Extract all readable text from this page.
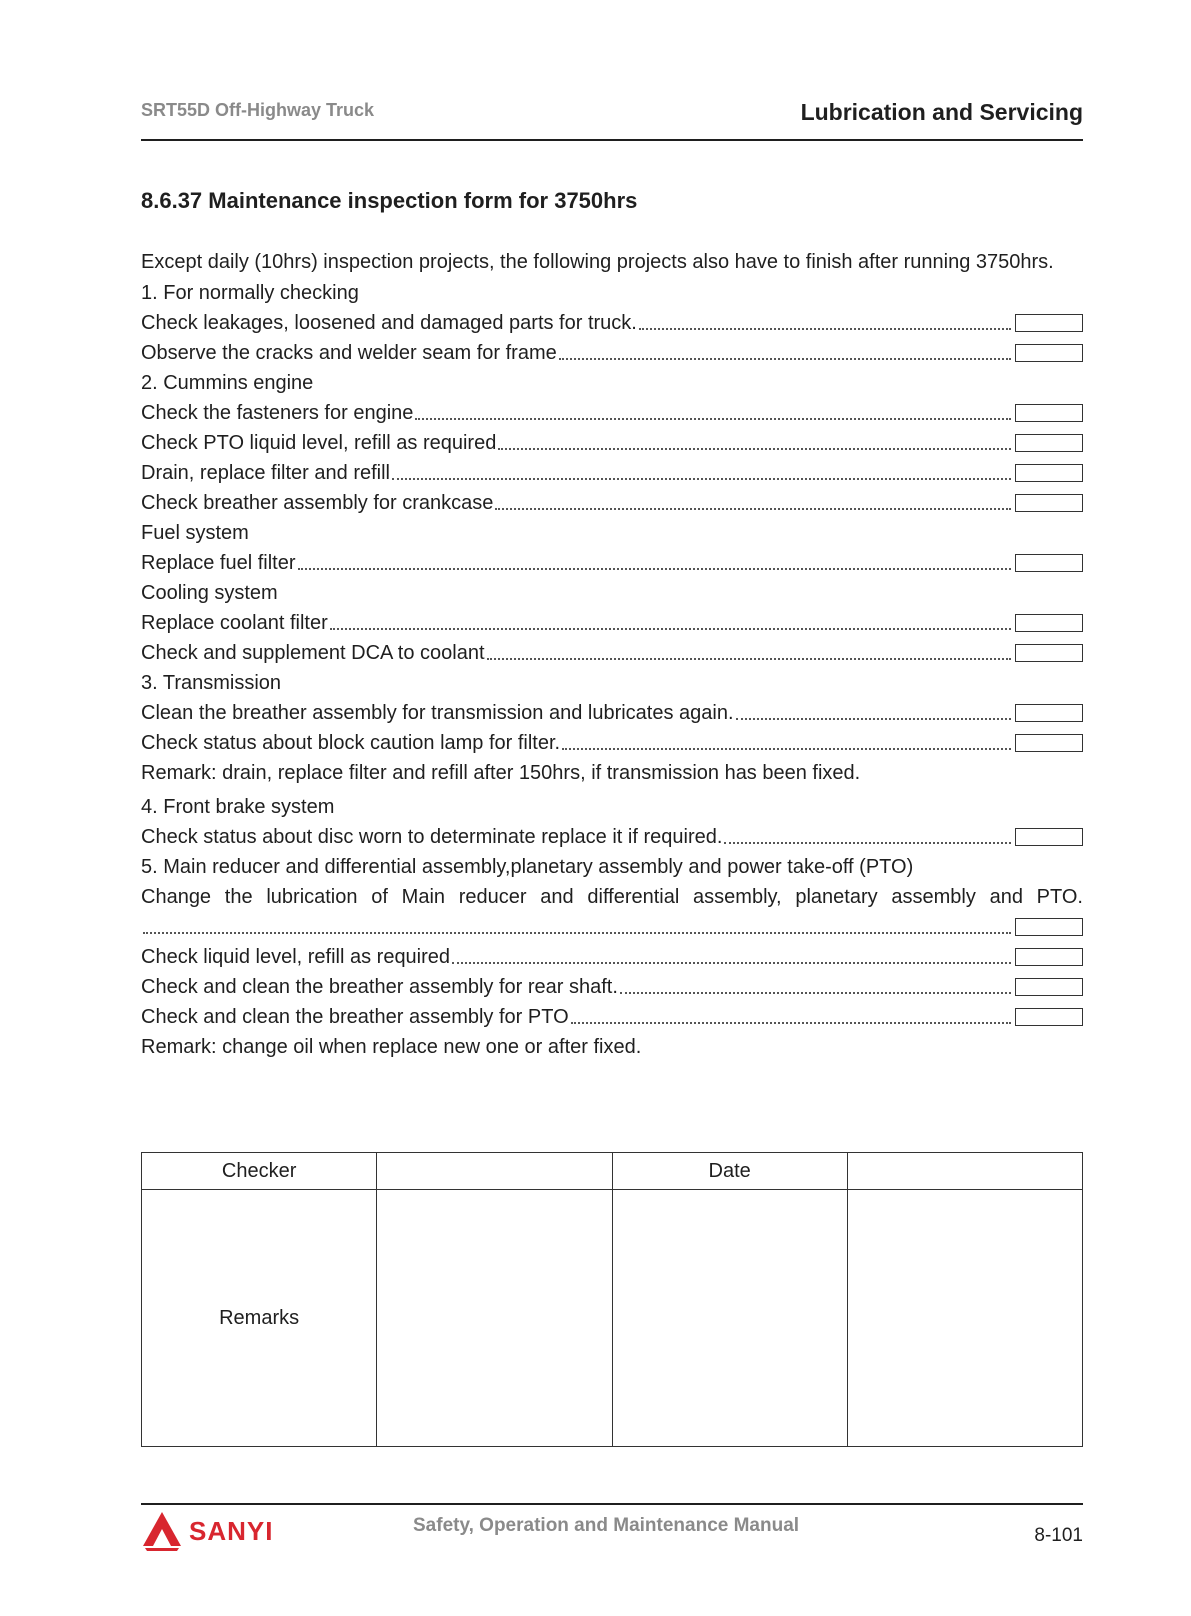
SRT55D Off-Highway Truck	Lubrication and Servicing
8.6.37 Maintenance inspection form for 3750hrs
Except daily (10hrs) inspection projects, the following projects also have to finish after running 3750hrs.
1. For normally checking
Check leakages, loosened and damaged parts for truck.
Observe the cracks and welder seam for frame
2. Cummins engine
Check the fasteners for engine
Check PTO liquid level, refill as required
Drain, replace filter and refill
Check breather assembly for crankcase
Fuel system
Replace fuel filter
Cooling system
Replace coolant filter
Check and supplement DCA to coolant
3. Transmission
Clean the breather assembly for transmission and lubricates again.
Check status about block caution lamp for filter.
Remark: drain, replace filter and refill after 150hrs, if transmission has been fixed.
4. Front brake system
Check status about disc worn to determinate replace it if required.
5. Main reducer and differential assembly,planetary assembly and power take-off (PTO)
Change the lubrication of Main reducer and differential assembly, planetary assembly and PTO.
Check liquid level, refill as required
Check and clean the breather assembly for rear shaft.
Check and clean the breather assembly for PTO
Remark: change oil when replace new one or after fixed.
Checker		Date	
Remarks			
SANYI	Safety, Operation and Maintenance Manual	8-101
